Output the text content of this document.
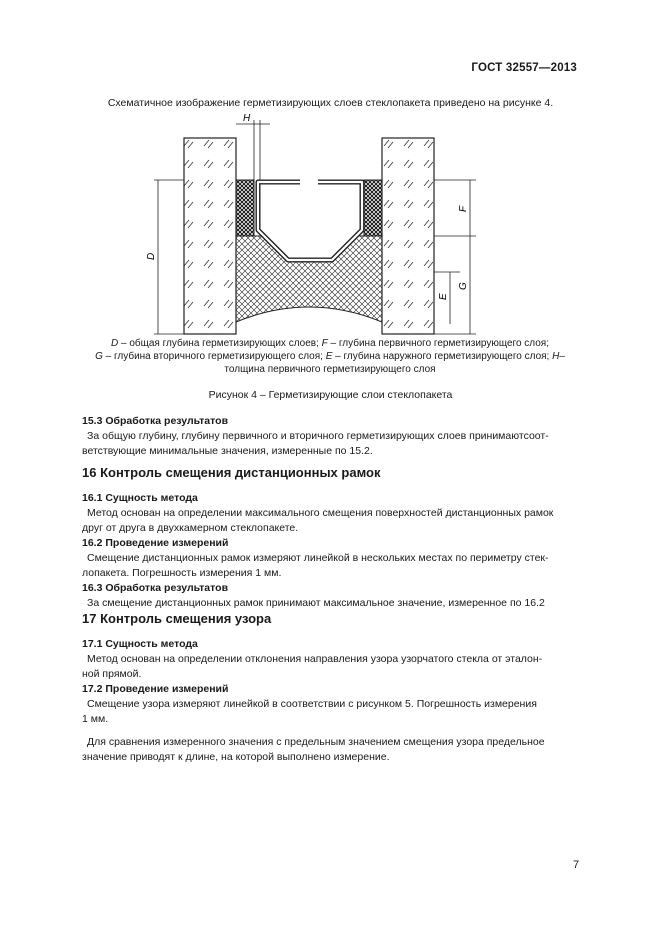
ГОСТ 32557—2013
Схематичное изображение герметизирующих слоев стеклопакета приведено на рисунке 4.
H
D
F
E
G
D – общая глубина герметизирующих слоев; F – глубина первичного герметизирующего слоя;
G – глубина вторичного герметизирующего слоя; E – глубина наружного герметизирующего слоя; H–
толщина первичного герметизирующего слоя
Рисунок 4 – Герметизирующие слои стеклопакета

15.3 Обработка результатов

За общую глубину, глубину первичного и вторичного герметизирующих слоев принимаютсоот-

ветствующие минимальные значения, измеренные по 15.2.

16 Контроль смещения дистанционных рамок

16.1 Сущность метода

Метод основан на определении максимального смещения поверхностей дистанционных рамок

друг от друга в двухкамерном стеклопакете.

16.2 Проведение измерений

Смещение дистанционных рамок измеряют линейкой в нескольких местах по периметру стек-

лопакета. Погрешность измерения 1 мм.

16.3 Обработка результатов

За смещение дистанционных рамок принимают максимальное значение, измеренное по 16.2

17 Контроль смещения узора

17.1 Сущность метода

Метод основан на определении отклонения направления узора узорчатого стекла от эталон-

ной прямой.

17.2 Проведение измерений

Смещение узора измеряют линейкой в соответствии с рисунком 5. Погрешность измерения

1 мм.

Для сравнения измеренного значения с предельным значением смещения узора предельное

значение приводят к длине, на которой выполнено измерение.

7
